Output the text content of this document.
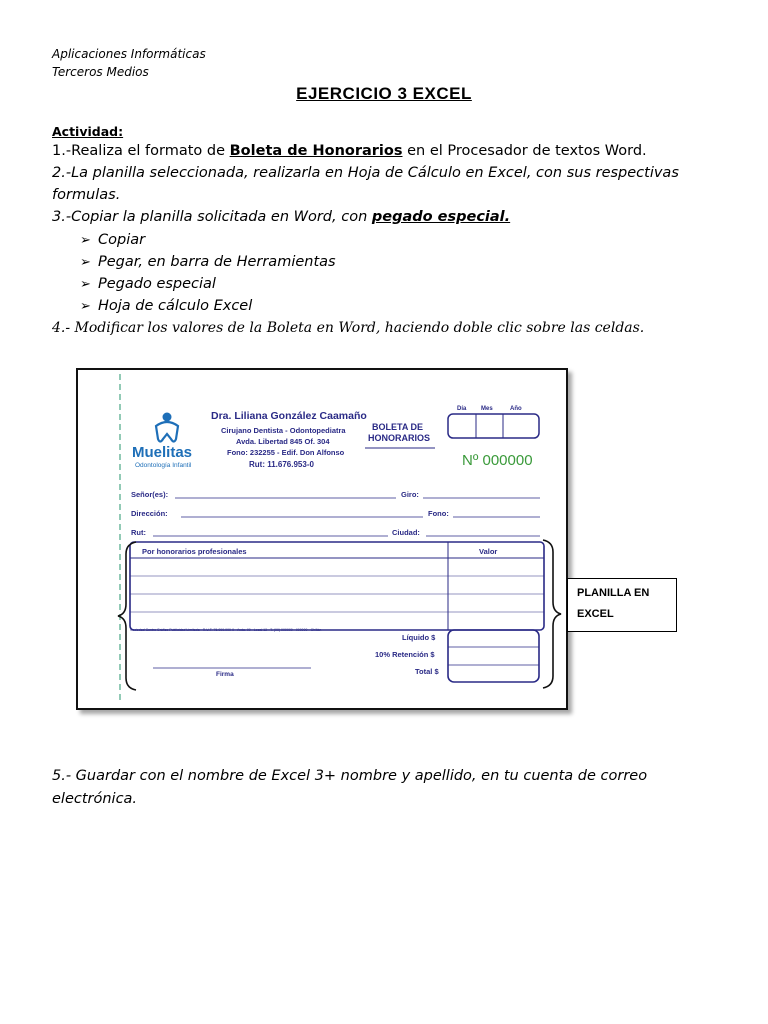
Aplicaciones Informáticas
Terceros Medios
EJERCICIO 3 EXCEL
Actividad:
1.-Realiza el formato de Boleta de Honorarios en el Procesador de textos Word.
2.-La planilla seleccionada, realizarla en Hoja de Cálculo en Excel, con sus respectivas
formulas.
3.-Copiar la planilla solicitada en Word, con pegado especial.
➢ Copiar
➢ Pegar, en barra de Herramientas
➢ Pegado especial
➢ Hoja de cálculo Excel
4.- Modificar los valores de la Boleta en Word, haciendo doble clic sobre las celdas.
Muelitas
Odontología Infantil
Dra. Liliana González Caamaño
Cirujano Dentista - Odontopediatra
Avda. Libertad 845 Of. 304
Fono: 232255 - Edif. Don Alfonso
Rut: 11.676.953-0
BOLETA DE
HONORARIOS
Día Mes	Año
Nº 000000
Señor(es):	Giro:
Dirección:	Fono:
Rut:	Ciudad:
Por honorarios profesionales	Valor
Sociedad Centro Gráfico Publicidad Limitada · R.U.T. 76.000.000-0 · Avda. 00 · Local 12 · T. (00) 000000 · 000000 · Chillán
Líquido $
10% Retención $
Total $
Firma
PLANILLA EN
EXCEL
5.- Guardar con el nombre de Excel 3+ nombre y apellido, en tu cuenta de correo
electrónica.
